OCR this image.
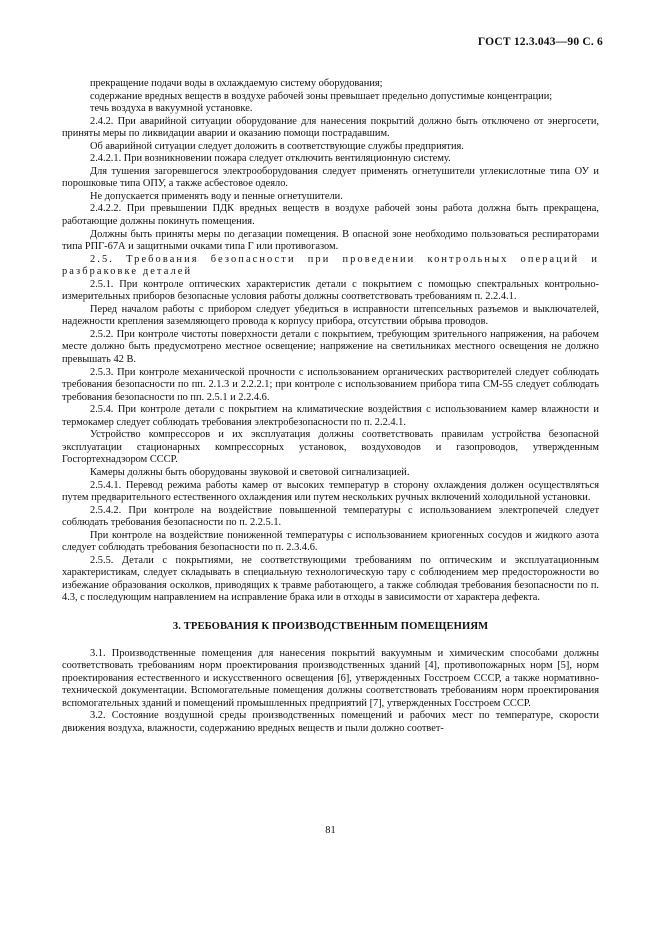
ГОСТ 12.3.043—90 С. 6

прекращение подачи воды в охлаждаемую систему оборудования;

содержание вредных веществ в воздухе рабочей зоны превышает предельно допустимые концентрации;

течь воздуха в вакуумной установке.

2.4.2. При аварийной ситуации оборудование для нанесения покрытий должно быть отключено от энергосети, приняты меры по ликвидации аварии и оказанию помощи пострадавшим.

Об аварийной ситуации следует доложить в соответствующие службы предприятия.

2.4.2.1. При возникновении пожара следует отключить вентиляционную систему.

Для тушения загоревшегося электрооборудования следует применять огнетушители углекислотные типа ОУ и порошковые типа ОПУ, а также асбестовое одеяло.

Не допускается применять воду и пенные огнетушители.

2.4.2.2. При превышении ПДК вредных веществ в воздухе рабочей зоны работа должна быть прекращена, работающие должны покинуть помещения.

Должны быть приняты меры по дегазации помещения. В опасной зоне необходимо пользоваться респираторами типа РПГ-67А и защитными очками типа Г или противогазом.

2.5. Требования безопасности при проведении контрольных операций и разбраковке деталей

2.5.1. При контроле оптических характеристик детали с покрытием с помощью спектральных контрольно-измерительных приборов безопасные условия работы должны соответствовать требованиям п. 2.2.4.1.

Перед началом работы с прибором следует убедиться в исправности штепсельных разъемов и выключателей, надежности крепления заземляющего провода к корпусу прибора, отсутствии обрыва проводов.

2.5.2. При контроле чистоты поверхности детали с покрытием, требующим зрительного напряжения, на рабочем месте должно быть предусмотрено местное освещение; напряжение на светильниках местного освещения не должно превышать 42 В.

2.5.3. При контроле механической прочности с использованием органических растворителей следует соблюдать требования безопасности по пп. 2.1.3 и 2.2.2.1; при контроле с использованием прибора типа СМ-55 следует соблюдать требования безопасности по пп. 2.5.1 и 2.2.4.6.

2.5.4. При контроле детали с покрытием на климатические воздействия с использованием камер влажности и термокамер следует соблюдать требования электробезопасности по п. 2.2.4.1.

Устройство компрессоров и их эксплуатация должны соответствовать правилам устройства безопасной эксплуатации стационарных компрессорных установок, воздуховодов и газопроводов, утвержденным Госгортехнадзором СССР.

Камеры должны быть оборудованы звуковой и световой сигнализацией.

2.5.4.1. Перевод режима работы камер от высоких температур в сторону охлаждения должен осуществляться путем предварительного естественного охлаждения или путем нескольких ручных включений холодильной установки.

2.5.4.2. При контроле на воздействие повышенной температуры с использованием электропечей следует соблюдать требования безопасности по п. 2.2.5.1.

При контроле на воздействие пониженной температуры с использованием криогенных сосудов и жидкого азота следует соблюдать требования безопасности по п. 2.3.4.6.

2.5.5. Детали с покрытиями, не соответствующими требованиям по оптическим и эксплуатационным характеристикам, следует складывать в специальную технологическую тару с соблюдением мер предосторожности во избежание образования осколков, приводящих к травме работающего, а также соблюдая требования безопасности по п. 4.3, с последующим направлением на исправление брака или в отходы в зависимости от характера дефекта.

3. ТРЕБОВАНИЯ К ПРОИЗВОДСТВЕННЫМ ПОМЕЩЕНИЯМ

3.1. Производственные помещения для нанесения покрытий вакуумным и химическим способами должны соответствовать требованиям норм проектирования производственных зданий [4], противопожарных норм [5], норм проектирования естественного и искусственного освещения [6], утвержденных Госстроем СССР, а также нормативно-технической документации. Вспомогательные помещения должны соответствовать требованиям норм проектирования вспомогательных зданий и помещений промышленных предприятий [7], утвержденных Госстроем СССР.

3.2. Состояние воздушной среды производственных помещений и рабочих мест по температуре, скорости движения воздуха, влажности, содержанию вредных веществ и пыли должно соответ-

81
